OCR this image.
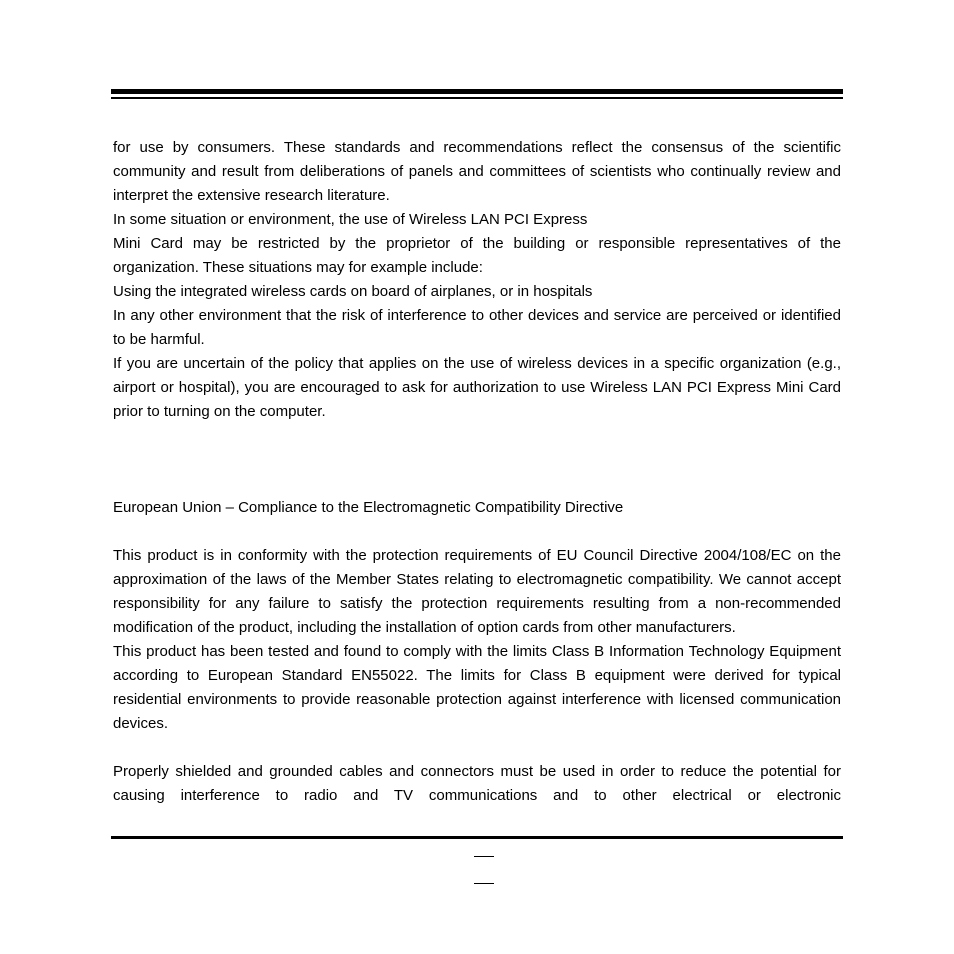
for use by consumers. These standards and recommendations reflect the consensus of the scientific community and result from deliberations of panels and committees of scientists who continually review and interpret the extensive research literature.

In some situation or environment, the use of Wireless LAN PCI Express

Mini Card may be restricted by the proprietor of the building or responsible representatives of the organization. These situations may for example include:

Using the integrated wireless cards on board of airplanes, or in hospitals

In any other environment that the risk of interference to other devices and service are perceived or identified to be harmful.

If you are uncertain of the policy that applies on the use of wireless devices in a specific organization (e.g., airport or hospital), you are encouraged to ask for authorization to use Wireless LAN PCI Express Mini Card prior to turning on the computer.

European Union – Compliance to the Electromagnetic Compatibility Directive

This product is in conformity with the protection requirements of EU Council Directive 2004/108/EC on the approximation of the laws of the Member States relating to electromagnetic compatibility. We cannot accept responsibility for any failure to satisfy the protection requirements resulting from a non-recommended modification of the product, including the installation of option cards from other manufacturers.

This product has been tested and found to comply with the limits Class B Information Technology Equipment according to European Standard EN55022. The limits for Class B equipment were derived for typical residential environments to provide reasonable protection against interference with licensed communication devices.

Properly shielded and grounded cables and connectors must be used in order to reduce the potential for causing interference to radio and TV communications and to other electrical or electronic
